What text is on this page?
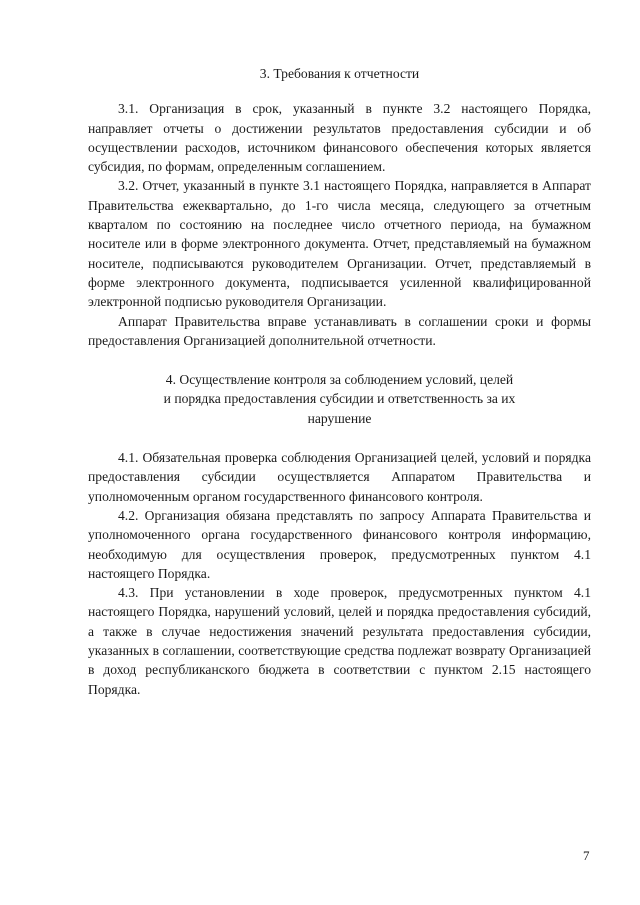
3. Требования к отчетности

3.1. Организация в срок, указанный в пункте 3.2 настоящего Порядка, направляет отчеты о достижении результатов предоставления субсидии и об осуществлении расходов, источником финансового обеспечения которых является субсидия, по формам, определенным соглашением.

3.2. Отчет, указанный в пункте 3.1 настоящего Порядка, направляется в Аппарат Правительства ежеквартально, до 1-го числа месяца, следующего за отчетным кварталом по состоянию на последнее число отчетного периода, на бумажном носителе или в форме электронного документа. Отчет, представляемый на бумажном носителе, подписываются руководителем Организации. Отчет, представляемый в форме электронного документа, подписывается усиленной квалифицированной электронной подписью руководителя Организации.

Аппарат Правительства вправе устанавливать в соглашении сроки и формы предоставления Организацией дополнительной отчетности.

4. Осуществление контроля за соблюдением условий, целей
и порядка предоставления субсидии и ответственность за их
нарушение

4.1. Обязательная проверка соблюдения Организацией целей, условий и порядка предоставления субсидии осуществляется Аппаратом Правительства и уполномоченным органом государственного финансового контроля.

4.2. Организация обязана представлять по запросу Аппарата Правительства и уполномоченного органа государственного финансового контроля информацию, необходимую для осуществления проверок, предусмотренных пунктом 4.1 настоящего Порядка.

4.3. При установлении в ходе проверок, предусмотренных пунктом 4.1 настоящего Порядка, нарушений условий, целей и порядка предоставления субсидий, а также в случае недостижения значений результата предоставления субсидии, указанных в соглашении, соответствующие средства подлежат возврату Организацией в доход республиканского бюджета в соответствии с пунктом 2.15 настоящего Порядка.

7
